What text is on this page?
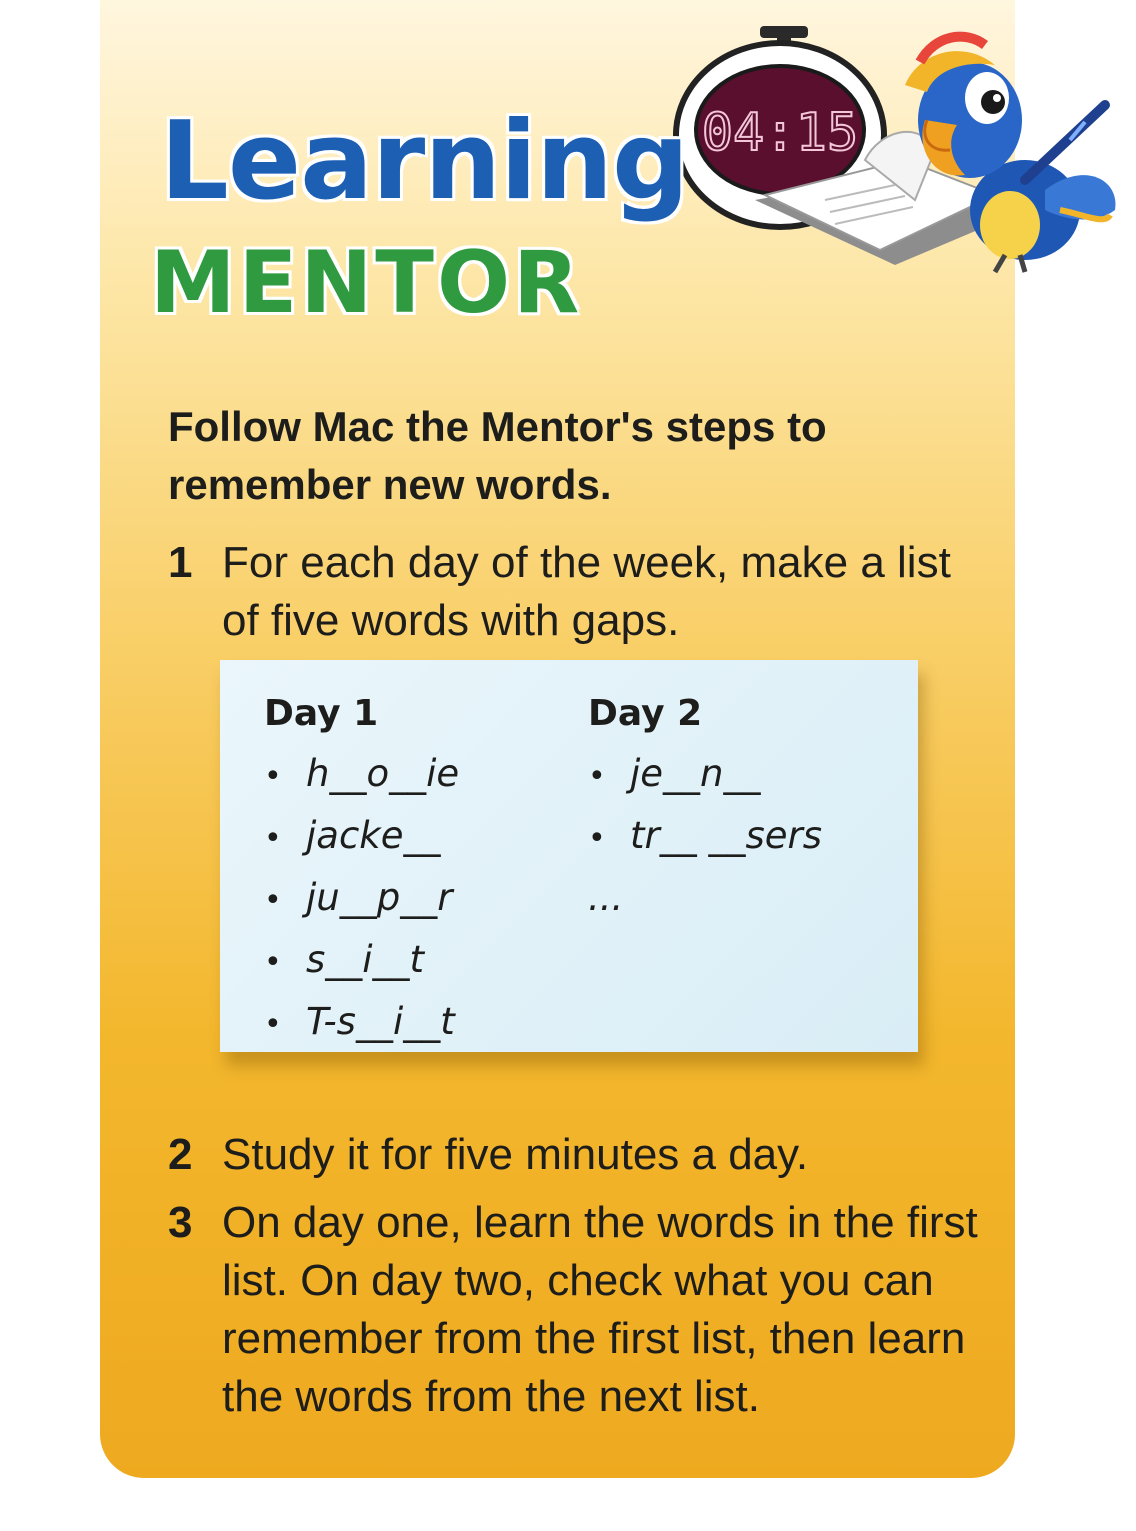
04:15
Learning
MENTOR

Follow Mac the Mentor's steps to remember new words.

1 For each day of the week, make a list of five words with gaps.
Day 1
• h__o__ie
• jacke__
• ju__p__r
• s__i__t
• T-s__i__t
Day 2
• je__n__
• tr__ __sers
...
2 Study it for five minutes a day.
3 On day one, learn the words in the first list. On day two, check what you can remember from the first list, then learn the words from the next list.
